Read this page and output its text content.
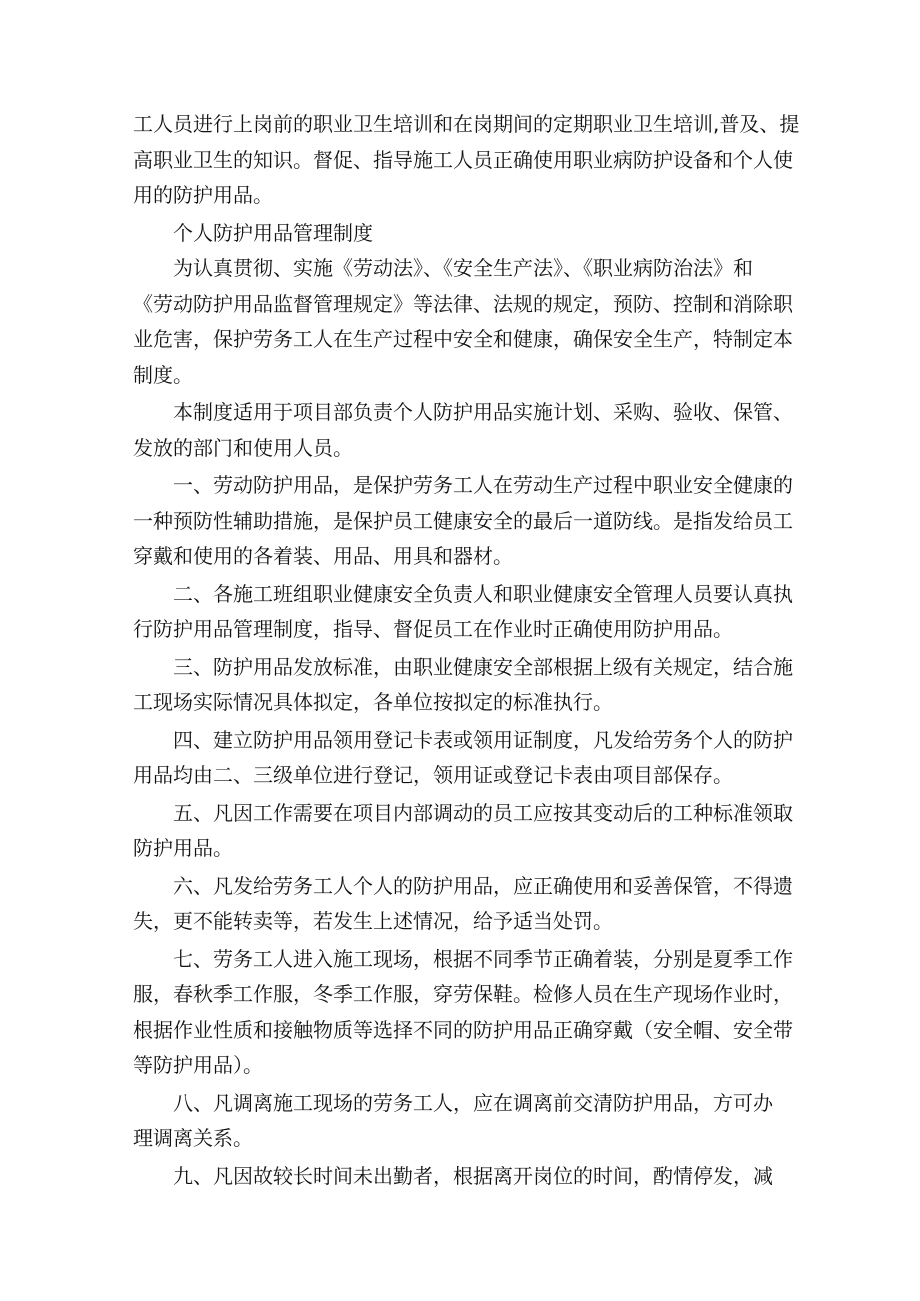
工人员进行上岗前的职业卫生培训和在岗期间的定期职业卫生培训,普及、提
高职业卫生的知识。督促、指导施工人员正确使用职业病防护设备和个人使
用的防护用品。
个人防护用品管理制度
为认真贯彻、实施《劳动法》、《安全生产法》、《职业病防治法》和
《劳动防护用品监督管理规定》等法律、法规的规定，预防、控制和消除职
业危害，保护劳务工人在生产过程中安全和健康，确保安全生产，特制定本
制度。
本制度适用于项目部负责个人防护用品实施计划、采购、验收、保管、
发放的部门和使用人员。
一、劳动防护用品，是保护劳务工人在劳动生产过程中职业安全健康的
一种预防性辅助措施，是保护员工健康安全的最后一道防线。是指发给员工
穿戴和使用的各着装、用品、用具和器材。
二、各施工班组职业健康安全负责人和职业健康安全管理人员要认真执
行防护用品管理制度，指导、督促员工在作业时正确使用防护用品。
三、防护用品发放标准，由职业健康安全部根据上级有关规定，结合施
工现场实际情况具体拟定，各单位按拟定的标准执行。
四、建立防护用品领用登记卡表或领用证制度，凡发给劳务个人的防护
用品均由二、三级单位进行登记，领用证或登记卡表由项目部保存。
五、凡因工作需要在项目内部调动的员工应按其变动后的工种标准领取
防护用品。
六、凡发给劳务工人个人的防护用品，应正确使用和妥善保管，不得遗
失，更不能转卖等，若发生上述情况，给予适当处罚。
七、劳务工人进入施工现场，根据不同季节正确着装，分别是夏季工作
服，春秋季工作服，冬季工作服，穿劳保鞋。检修人员在生产现场作业时，
根据作业性质和接触物质等选择不同的防护用品正确穿戴（安全帽、安全带
等防护用品）。
八、凡调离施工现场的劳务工人，应在调离前交清防护用品，方可办
理调离关系。
九、凡因故较长时间未出勤者，根据离开岗位的时间，酌情停发，减
